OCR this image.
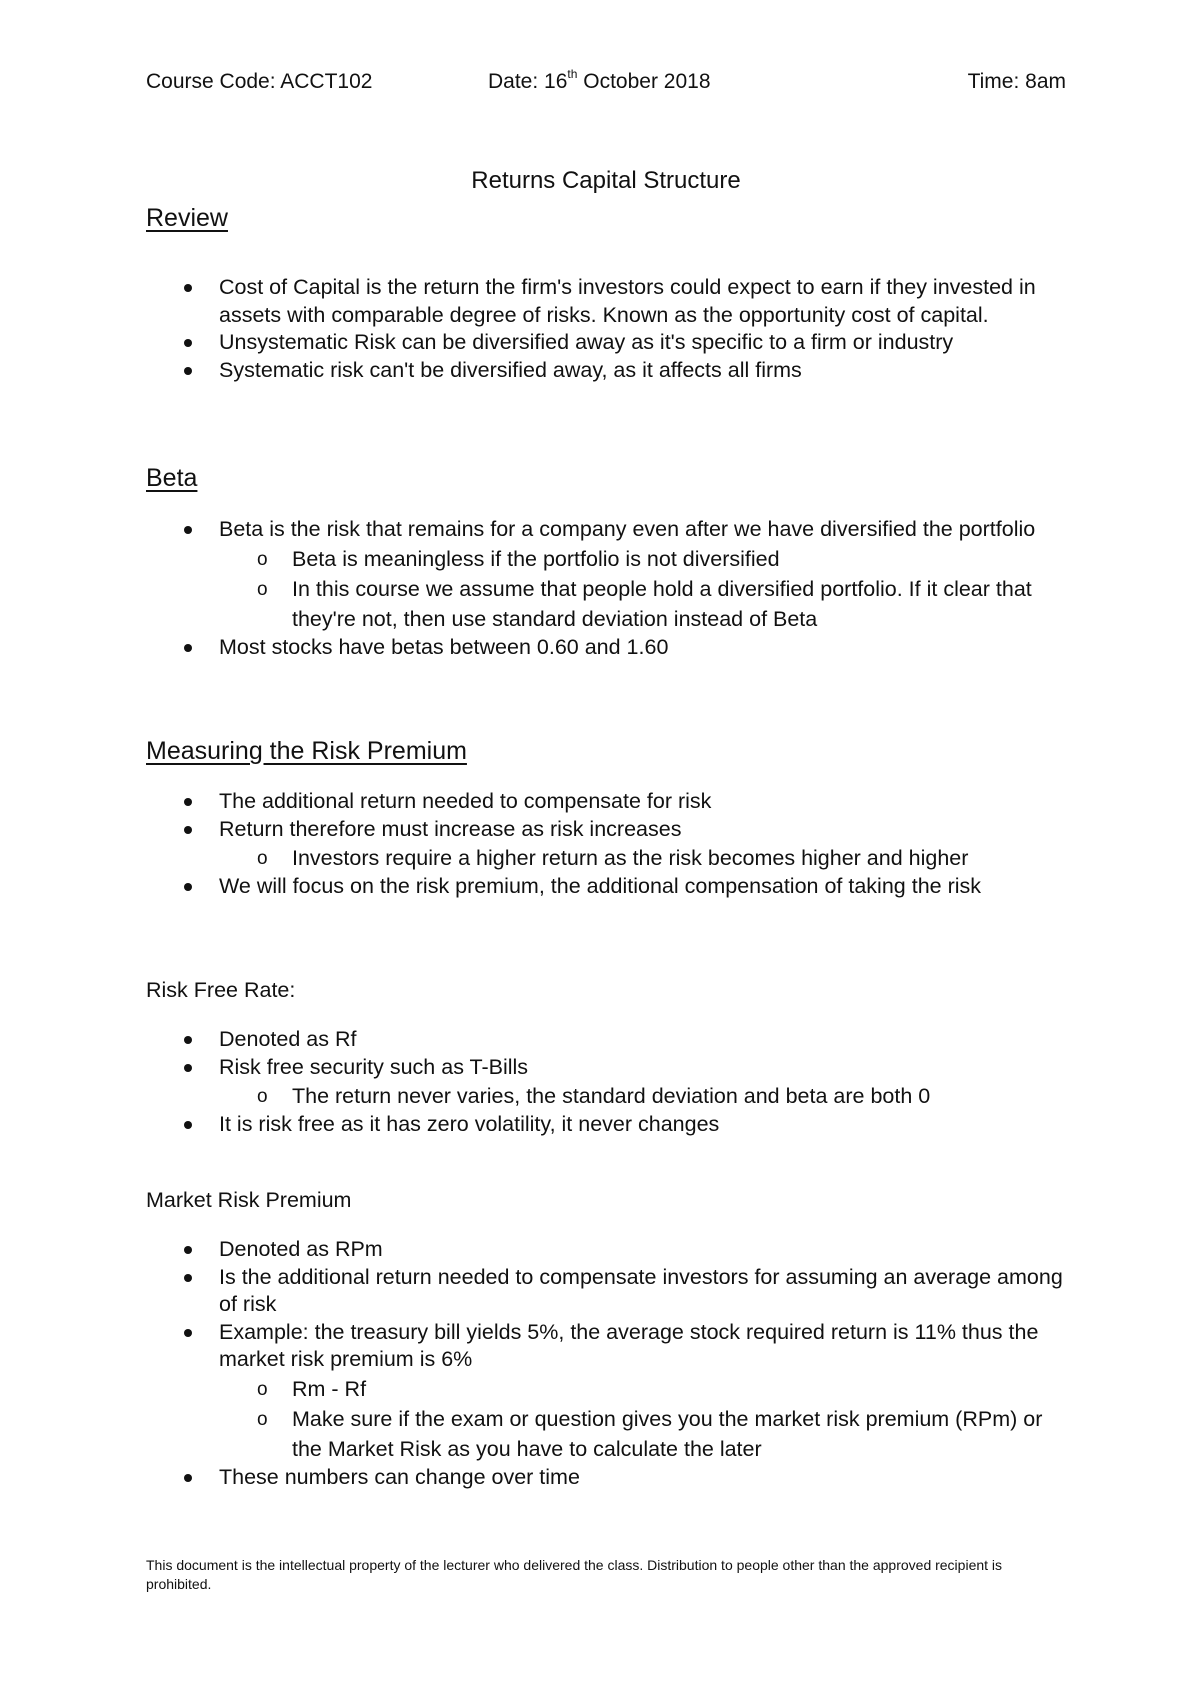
Course Code: ACCT102	Date: 16th October 2018	Time: 8am
Returns Capital Structure
Review
Cost of Capital is the return the firm's investors could expect to earn if they invested in assets with comparable degree of risks. Known as the opportunity cost of capital.
Unsystematic Risk can be diversified away as it's specific to a firm or industry
Systematic risk can't be diversified away, as it affects all firms
Beta
Beta is the risk that remains for a company even after we have diversified the portfolio
o Beta is meaningless if the portfolio is not diversified
o In this course we assume that people hold a diversified portfolio. If it clear that they're not, then use standard deviation instead of Beta
Most stocks have betas between 0.60 and 1.60
Measuring the Risk Premium
The additional return needed to compensate for risk
Return therefore must increase as risk increases
o Investors require a higher return as the risk becomes higher and higher
We will focus on the risk premium, the additional compensation of taking the risk
Risk Free Rate:
Denoted as Rf
Risk free security such as T-Bills
o The return never varies, the standard deviation and beta are both 0
It is risk free as it has zero volatility, it never changes
Market Risk Premium
Denoted as RPm
Is the additional return needed to compensate investors for assuming an average among of risk
Example: the treasury bill yields 5%, the average stock required return is 11% thus the market risk premium is 6%
o Rm - Rf
o Make sure if the exam or question gives you the market risk premium (RPm) or the Market Risk as you have to calculate the later
These numbers can change over time
This document is the intellectual property of the lecturer who delivered the class. Distribution to people other than the approved recipient is prohibited.
